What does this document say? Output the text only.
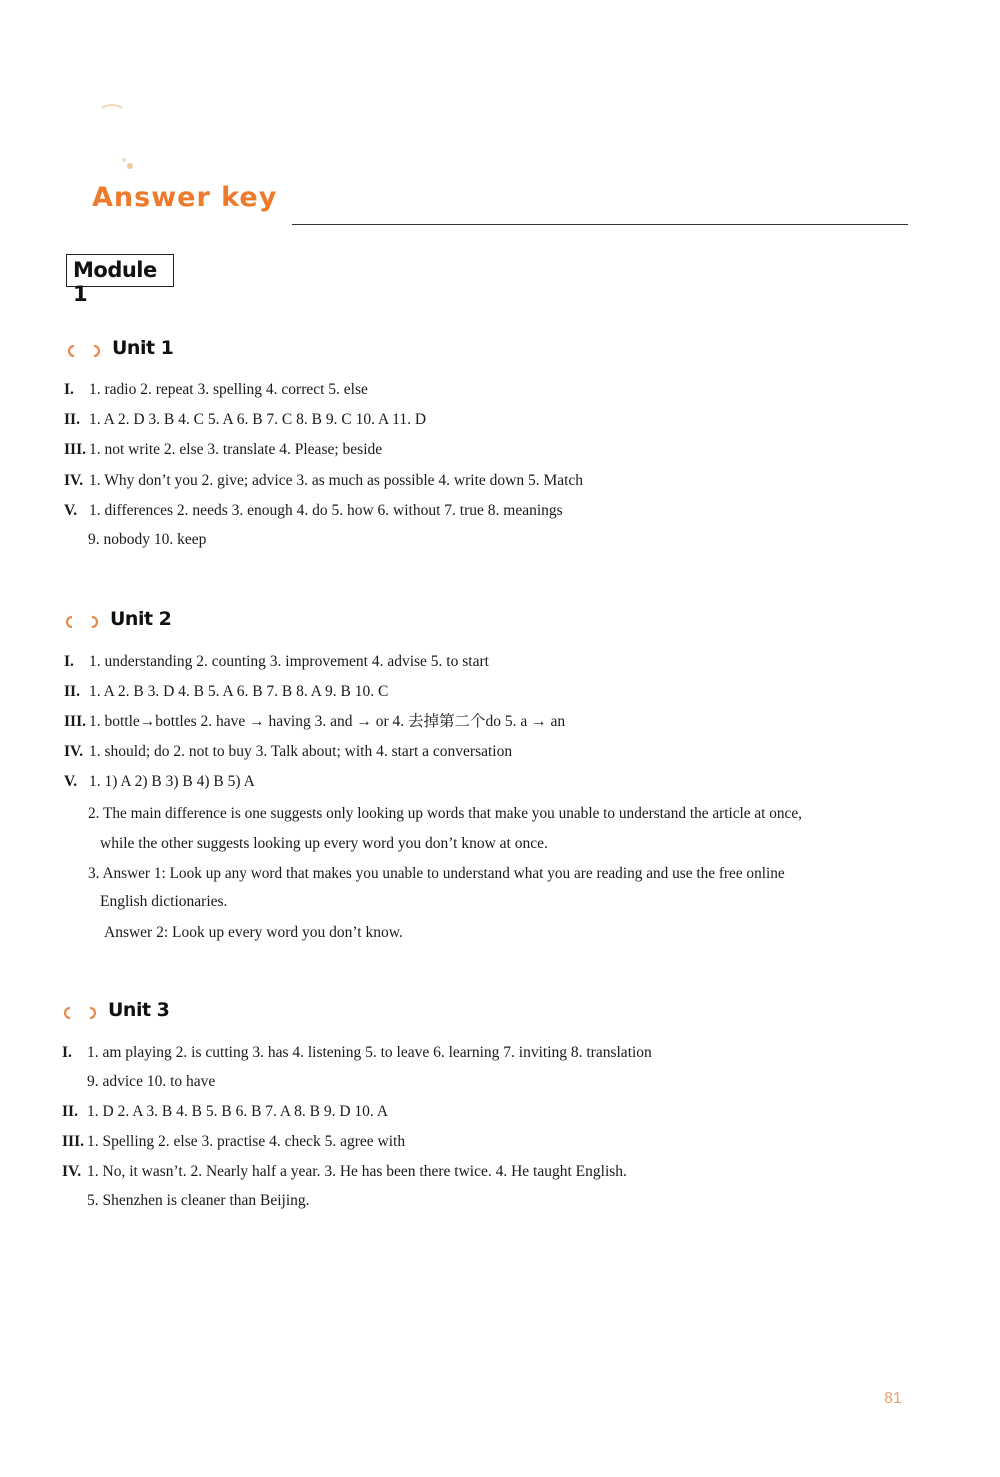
Answer key
Module 1
Unit 1
I. 1. radio 2. repeat 3. spelling 4. correct 5. else
II. 1. A 2. D 3. B 4. C 5. A 6. B 7. C 8. B 9. C 10. A 11. D
III. 1. not write 2. else 3. translate 4. Please; beside
IV. 1. Why don’t you 2. give; advice 3. as much as possible 4. write down 5. Match
V. 1. differences 2. needs 3. enough 4. do 5. how 6. without 7. true 8. meanings
9. nobody 10. keep
Unit 2
I. 1. understanding 2. counting 3. improvement 4. advise 5. to start
II. 1. A 2. B 3. D 4. B 5. A 6. B 7. B 8. A 9. B 10. C
III. 1. bottle→bottles 2. have → having 3. and → or 4. 去掉第二个do 5. a → an
IV. 1. should; do 2. not to buy 3. Talk about; with 4. start a conversation
V. 1. 1) A 2) B 3) B 4) B 5) A
2. The main difference is one suggests only looking up words that make you unable to understand the article at once,
while the other suggests looking up every word you don’t know at once.
3. Answer 1: Look up any word that makes you unable to understand what you are reading and use the free online
English dictionaries.
Answer 2: Look up every word you don’t know.
Unit 3
I. 1. am playing 2. is cutting 3. has 4. listening 5. to leave 6. learning 7. inviting 8. translation
9. advice 10. to have
II. 1. D 2. A 3. B 4. B 5. B 6. B 7. A 8. B 9. D 10. A
III. 1. Spelling 2. else 3. practise 4. check 5. agree with
IV. 1. No, it wasn’t. 2. Nearly half a year. 3. He has been there twice. 4. He taught English.
5. Shenzhen is cleaner than Beijing.
81
